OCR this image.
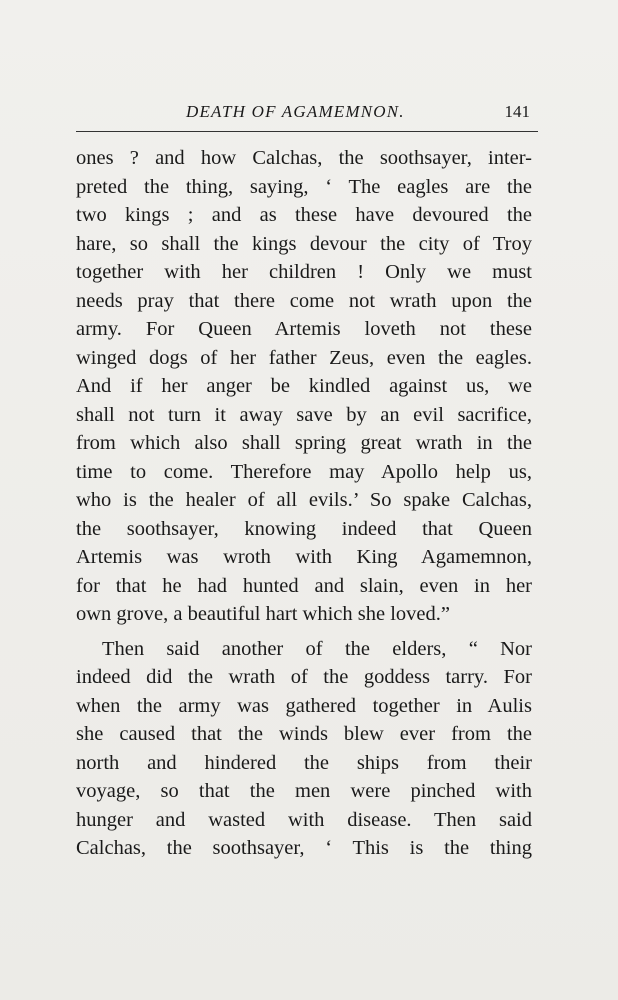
DEATH OF AGAMEMNON.	141
ones ? and how Calchas, the soothsayer, inter-
preted the thing, saying, ‘ The eagles are the
two kings ; and as these have devoured the
hare, so shall the kings devour the city of Troy
together with her children ! Only we must
needs pray that there come not wrath upon the
army. For Queen Artemis loveth not these
winged dogs of her father Zeus, even the eagles.
And if her anger be kindled against us, we
shall not turn it away save by an evil sacrifice,
from which also shall spring great wrath in the
time to come. Therefore may Apollo help us,
who is the healer of all evils.’ So spake Calchas,
the soothsayer, knowing indeed that Queen
Artemis was wroth with King Agamemnon,
for that he had hunted and slain, even in her
own grove, a beautiful hart which she loved.”
Then said another of the elders, “ Nor
indeed did the wrath of the goddess tarry. For
when the army was gathered together in Aulis
she caused that the winds blew ever from the
north and hindered the ships from their
voyage, so that the men were pinched with
hunger and wasted with disease. Then said
Calchas, the soothsayer, ‘ This is the thing
